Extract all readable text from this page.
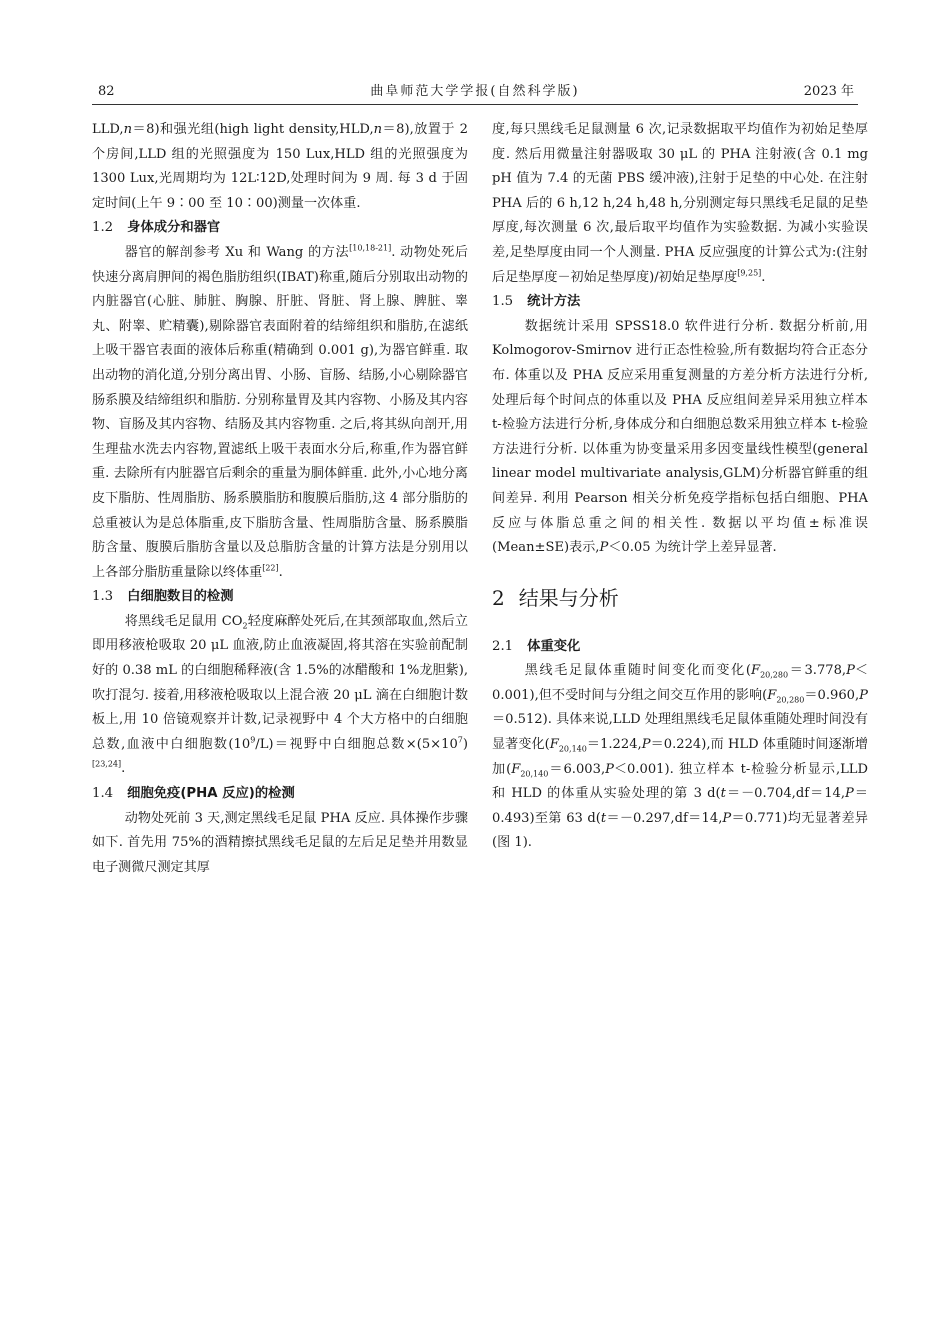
82	曲阜师范大学学报(自然科学版)	2023 年

LLD,n＝8)和强光组(high light density,HLD,n＝8),放置于 2 个房间,LLD 组的光照强度为 150 Lux,HLD 组的光照强度为 1300 Lux,光周期均为 12L∶12D,处理时间为 9 周. 每 3 d 于固定时间(上午 9∶00 至 10∶00)测量一次体重.

1.2 身体成分和器官

器官的解剖参考 Xu 和 Wang 的方法[10,18-21]. 动物处死后快速分离肩胛间的褐色脂肪组织(IBAT)称重,随后分别取出动物的内脏器官(心脏、肺脏、胸腺、肝脏、肾脏、肾上腺、脾脏、睾丸、附睾、贮精囊),剔除器官表面附着的结缔组织和脂肪,在滤纸上吸干器官表面的液体后称重(精确到 0.001 g),为器官鲜重. 取出动物的消化道,分别分离出胃、小肠、盲肠、结肠,小心剔除器官肠系膜及结缔组织和脂肪. 分别称量胃及其内容物、小肠及其内容物、盲肠及其内容物、结肠及其内容物重. 之后,将其纵向剖开,用生理盐水洗去内容物,置滤纸上吸干表面水分后,称重,作为器官鲜重. 去除所有内脏器官后剩余的重量为胴体鲜重. 此外,小心地分离皮下脂肪、性周脂肪、肠系膜脂肪和腹膜后脂肪,这 4 部分脂肪的总重被认为是总体脂重,皮下脂肪含量、性周脂肪含量、肠系膜脂肪含量、腹膜后脂肪含量以及总脂肪含量的计算方法是分别用以上各部分脂肪重量除以终体重[22].

1.3 白细胞数目的检测

将黑线毛足鼠用 $CO_2$轻度麻醉处死后,在其颈部取血,然后立即用移液枪吸取 20 μL 血液,防止血液凝固,将其溶在实验前配制好的 0.38 mL 的白细胞稀释液(含 1.5%的冰醋酸和 1%龙胆紫),吹打混匀. 接着,用移液枪吸取以上混合液 20 μL 滴在白细胞计数板上,用 10 倍镜观察并计数,记录视野中 4 个大方格中的白细胞总数,血液中白细胞数$(10^9/L)=$视野中白细胞总数$\times(5\times 10^7)[23,24]$.

1.4 细胞免疫(PHA 反应)的检测

动物处死前 3 天,测定黑线毛足鼠 PHA 反应. 具体操作步骤如下. 首先用 75%的酒精擦拭黑线毛足鼠的左后足足垫并用数显电子测微尺测定其厚

度,每只黑线毛足鼠测量 6 次,记录数据取平均值作为初始足垫厚度. 然后用微量注射器吸取 30 μL 的 PHA 注射液(含 0.1 mg pH 值为 7.4 的无菌 PBS 缓冲液),注射于足垫的中心处. 在注射 PHA 后的 6 h,12 h,24 h,48 h,分别测定每只黑线毛足鼠的足垫厚度,每次测量 6 次,最后取平均值作为实验数据. 为减小实验误差,足垫厚度由同一个人测量. PHA 反应强度的计算公式为:(注射后足垫厚度－初始足垫厚度)/初始足垫厚度[9,25].

1.5 统计方法

数据统计采用 SPSS18.0 软件进行分析. 数据分析前,用 Kolmogorov-Smirnov 进行正态性检验,所有数据均符合正态分布. 体重以及 PHA 反应采用重复测量的方差分析方法进行分析,处理后每个时间点的体重以及 PHA 反应组间差异采用独立样本 t-检验方法进行分析,身体成分和白细胞总数采用独立样本 t-检验方法进行分析. 以体重为协变量采用多因变量线性模型(general linear model multivariate analysis,GLM)分析器官鲜重的组间差异. 利用 Pearson 相关分析免疫学指标包括白细胞、PHA 反应与体脂总重之间的相关性. 数据以平均值±标准误(Mean±SE)表示,P＜0.05 为统计学上差异显著.

2 结果与分析
2.1 体重变化

黑线毛足鼠体重随时间变化而变化$(F_{20,280}=3.778,P<0.001)$,但不受时间与分组之间交互作用的影响$(F_{20,280}=0.960,P=0.512)$. 具体来说,LLD 处理组黑线毛足鼠体重随处理时间没有显著变化$(F_{20,140}=1.224,P=0.224)$,而 HLD 体重随时间逐渐增加$(F_{20,140}=6.003,P<0.001)$. 独立样本 t-检验分析显示,LLD 和 HLD 的体重从实验处理的第 3 d(t＝－0.704,df＝14,P＝0.493)至第 63 d(t＝－0.297,df＝14,P＝0.771)均无显著差异(图 1).
